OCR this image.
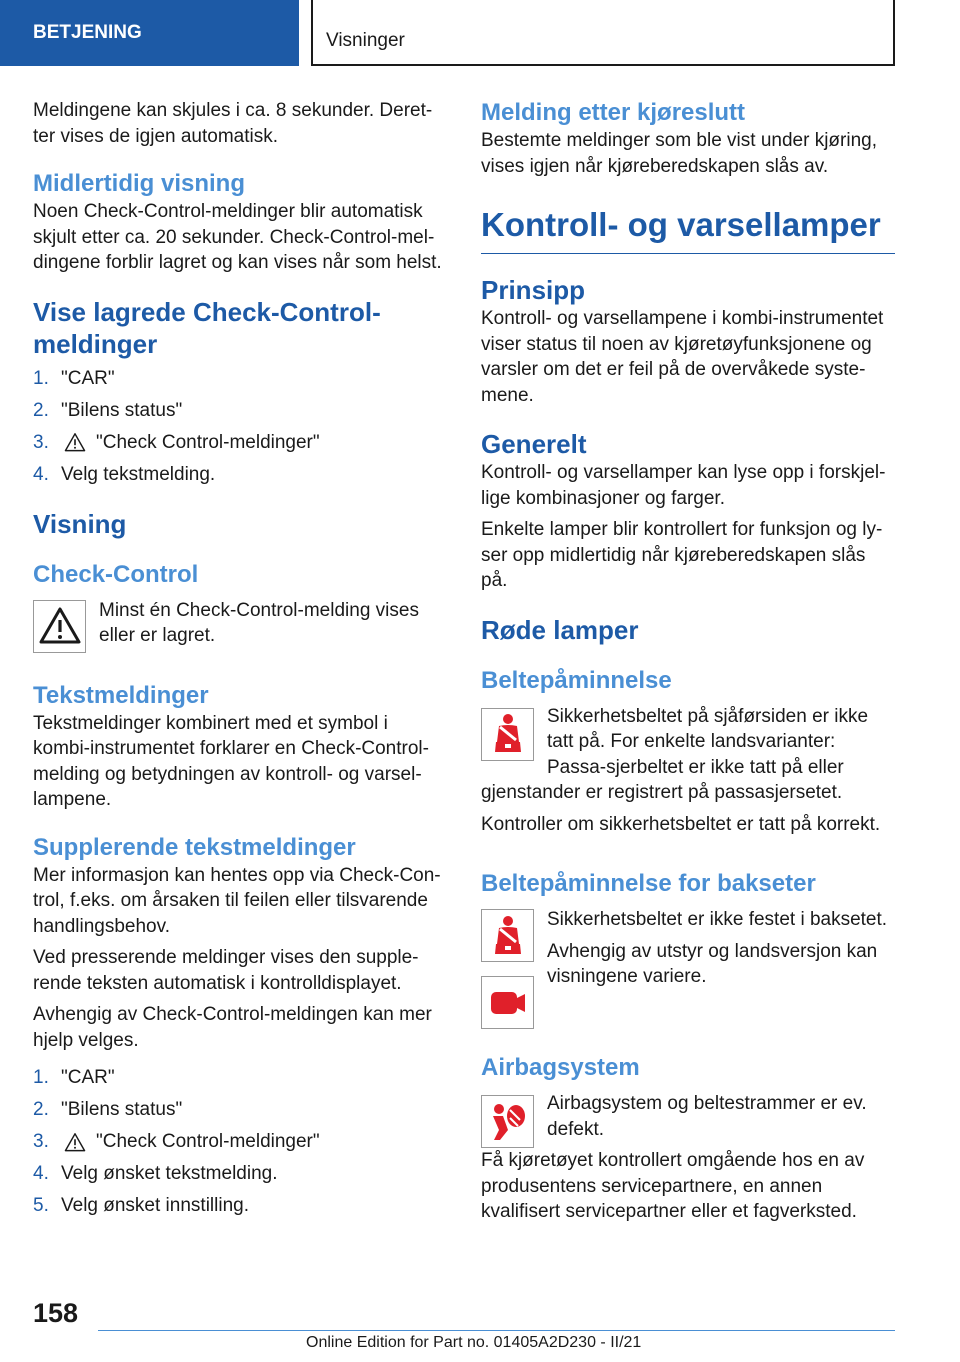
BETJENING	Visninger

Meldingene kan skjules i ca. 8 sekunder. Deret-ter vises de igjen automatisk.

Midlertidig visning

Noen Check-Control-meldinger blir automatisk skjult etter ca. 20 sekunder. Check-Control-mel-dingene forblir lagret og kan vises når som helst.

Vise lagrede Check-Control-meldinger
1. "CAR"
2. "Bilens status"
3.	"Check Control-meldinger"
4. Velg tekstmelding.
Visning
Check-Control

Minst én Check-Control-melding vises eller er lagret.

Tekstmeldinger

Tekstmeldinger kombinert med et symbol i kombi-instrumentet forklarer en Check-Control-melding og betydningen av kontroll- og varsel-lampene.

Supplerende tekstmeldinger

Mer informasjon kan hentes opp via Check-Con-trol, f.eks. om årsaken til feilen eller tilsvarende handlingsbehov.

Ved presserende meldinger vises den supple-rende teksten automatisk i kontrolldisplayet.

Avhengig av Check-Control-meldingen kan mer hjelp velges.

1. "CAR"
2. "Bilens status"
3.	"Check Control-meldinger"
4. Velg ønsket tekstmelding.
5. Velg ønsket innstilling.
Melding etter kjøreslutt

Bestemte meldinger som ble vist under kjøring, vises igjen når kjøreberedskapen slås av.

Kontroll- og varsellamper
Prinsipp

Kontroll- og varsellampene i kombi-instrumentet viser status til noen av kjøretøyfunksjonene og varsler om det er feil på de overvåkede syste-mene.

Generelt

Kontroll- og varsellamper kan lyse opp i forskjel-lige kombinasjoner og farger.

Enkelte lamper blir kontrollert for funksjon og ly-ser opp midlertidig når kjøreberedskapen slås på.

Røde lamper
Beltepåminnelse

Sikkerhetsbeltet på sjåførsiden er ikke tatt på. For enkelte landsvarianter: Passa-sjerbeltet er ikke tatt på eller gjenstander er registrert på passasjersetet.

Kontroller om sikkerhetsbeltet er tatt på korrekt.

Beltepåminnelse for bakseter

Sikkerhetsbeltet er ikke festet i baksetet.

Avhengig av utstyr og landsversjon kan visningene variere.

Airbagsystem

Airbagsystem og beltestrammer er ev. defekt.

Få kjøretøyet kontrollert omgående hos en av produsentens servicepartnere, en annen kvalifisert servicepartner eller et fagverksted.

158
Online Edition for Part no. 01405A2D230 - II/21
